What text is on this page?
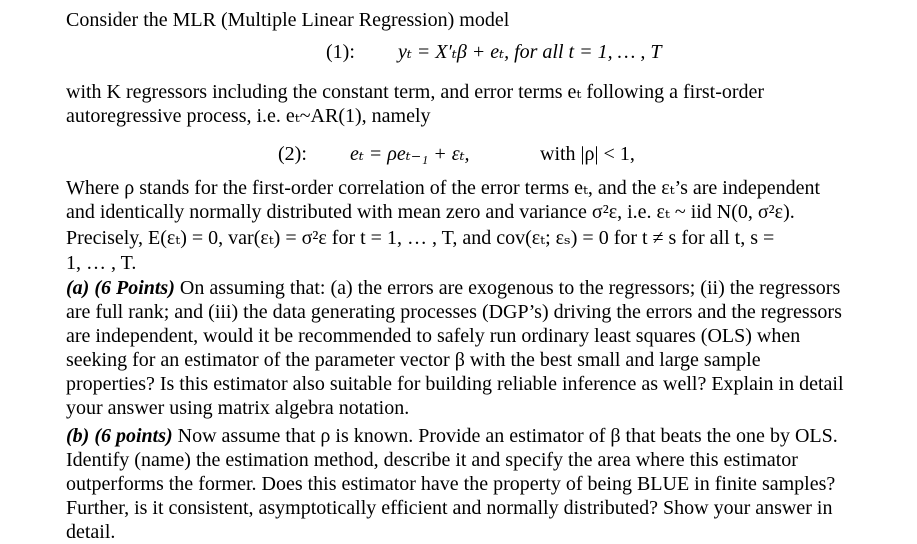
Consider the MLR (Multiple Linear Regression) model
(1): yₜ = X′ₜβ + eₜ, for all t = 1, … , T
with K regressors including the constant term, and error terms eₜ following a first-order
autoregressive process, i.e. eₜ~AR(1), namely
(2): eₜ = ρeₜ₋₁ + εₜ,	with |ρ| < 1,
Where ρ stands for the first-order correlation of the error terms eₜ, and the εₜ’s are independent
and identically normally distributed with mean zero and variance σ²ε, i.e. εₜ ~ iid N(0, σ²ε).
Precisely, E(εₜ) = 0, var(εₜ) = σ²ε for t = 1, … , T, and cov(εₜ; εₛ) = 0 for t ≠ s for all t, s =
1, … , T.
(a) (6 Points) On assuming that: (a) the errors are exogenous to the regressors; (ii) the regressors
are full rank; and (iii) the data generating processes (DGP’s) driving the errors and the regressors
are independent, would it be recommended to safely run ordinary least squares (OLS) when
seeking for an estimator of the parameter vector β with the best small and large sample
properties? Is this estimator also suitable for building reliable inference as well? Explain in detail
your answer using matrix algebra notation.
(b) (6 points) Now assume that ρ is known. Provide an estimator of β that beats the one by OLS.
Identify (name) the estimation method, describe it and specify the area where this estimator
outperforms the former. Does this estimator have the property of being BLUE in finite samples?
Further, is it consistent, asymptotically efficient and normally distributed? Show your answer in
detail.
